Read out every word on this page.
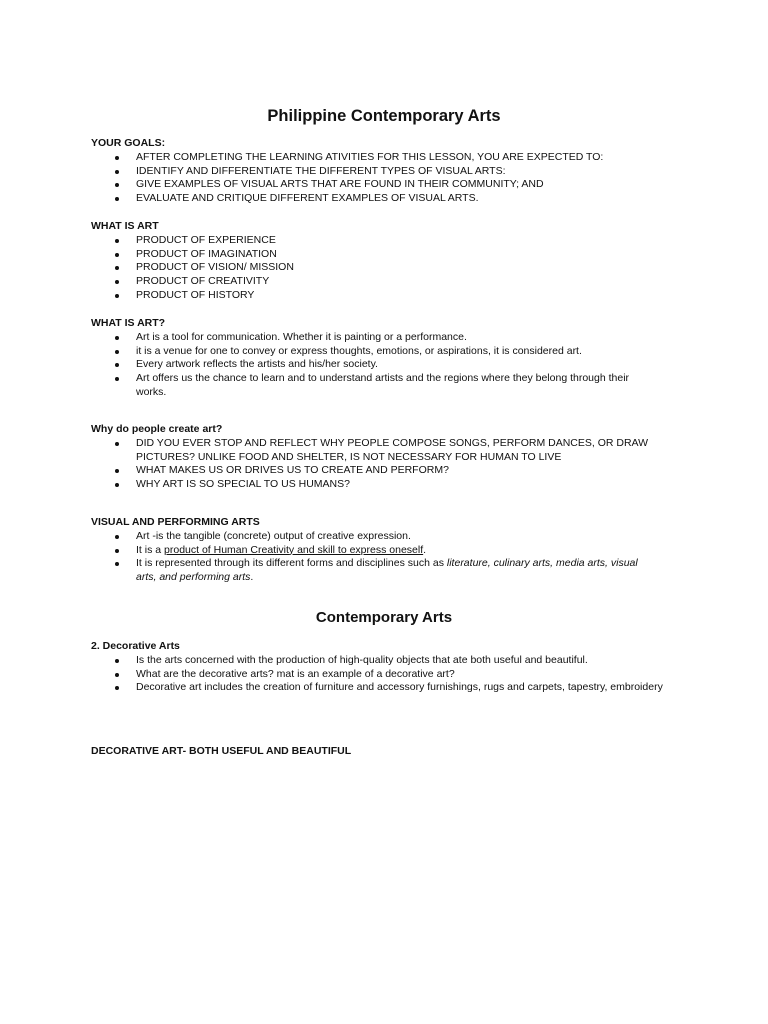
Philippine Contemporary Arts

YOUR GOALS:

AFTER COMPLETING THE LEARNING ATIVITIES FOR THIS LESSON, YOU ARE EXPECTED TO:
IDENTIFY AND DIFFERENTIATE THE DIFFERENT TYPES OF VISUAL ARTS:
GIVE EXAMPLES OF VISUAL ARTS THAT ARE FOUND IN THEIR COMMUNITY; AND
EVALUATE AND CRITIQUE DIFFERENT EXAMPLES OF VISUAL ARTS.

WHAT IS ART

PRODUCT OF EXPERIENCE
PRODUCT OF IMAGINATION
PRODUCT OF VISION/ MISSION
PRODUCT OF CREATIVITY
PRODUCT OF HISTORY

WHAT IS ART?

Art is a tool for communication. Whether it is painting or a performance.
it is a venue for one to convey or express thoughts, emotions, or aspirations, it is considered art.
Every artwork reflects the artists and his/her society.
Art offers us the chance to learn and to understand artists and the regions where they belong through their works.

Why do people create art?

DID YOU EVER STOP AND REFLECT WHY PEOPLE COMPOSE SONGS, PERFORM DANCES, OR DRAW PICTURES? UNLIKE FOOD AND SHELTER, IS NOT NECESSARY FOR HUMAN TO LIVE
WHAT MAKES US OR DRIVES US TO CREATE AND PERFORM?
WHY ART IS SO SPECIAL TO US HUMANS?

VISUAL AND PERFORMING ARTS

Art -is the tangible (concrete) output of creative expression.
It is a product of Human Creativity and skill to express oneself.
It is represented through its different forms and disciplines such as literature, culinary arts, media arts, visual arts, and performing arts.
Contemporary Arts

2. Decorative Arts

Is the arts concerned with the production of high-quality objects that ate both useful and beautiful.
What are the decorative arts? mat is an example of a decorative art?
Decorative art includes the creation of furniture and accessory furnishings, rugs and carpets, tapestry, embroidery

DECORATIVE ART- BOTH USEFUL AND BEAUTIFUL
